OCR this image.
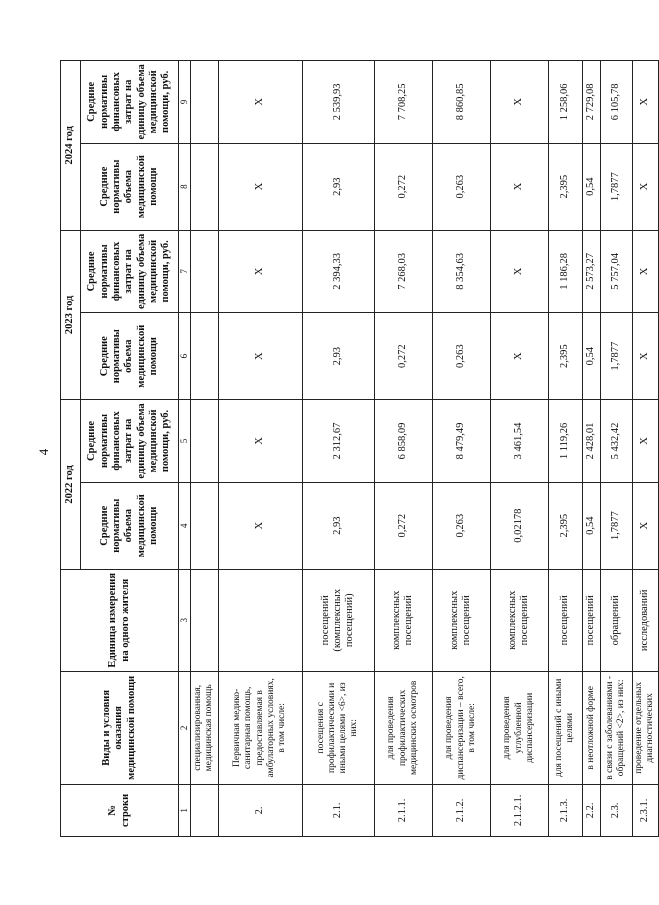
4
№ строки	Виды и условия оказания медицинской помощи	Единица измерения на одного жителя	2022 год		2023 год		2024 год	
			Средние нормативы объема медицинской помощи	Средние нормативы финансовых затрат на единицу объема медицинской помощи, руб.	Средние нормативы объема медицинской помощи	Средние нормативы финансовых затрат на единицу объема медицинской помощи, руб.	Средние нормативы объема медицинской помощи	Средние нормативы финансовых затрат на единицу объема медицинской помощи, руб.
1	2	3	4	5	6	7	8	9
	специализированная, медицинская помощь							
2.	Первичная медико-санитарная помощь, предоставляемая в амбулаторных условиях, в том числе:		X	X	X	X	X	X
2.1.	посещения с профилактическими и иными целями <6>, из них:	посещений (комплексных посещений)	2,93	2 312,67	2,93	2 394,33	2,93	2 539,93
2.1.1.	для проведения профилактических медицинских осмотров	комплексных посещений	0,272	6 858,09	0,272	7 268,03	0,272	7 708,25
2.1.2.	для проведения диспансеризации – всего, в том числе:	комплексных посещений	0,263	8 479,49	0,263	8 354,63	0,263	8 860,85
2.1.2.1.	для проведения углубленной диспансеризации	комплексных посещений	0,02178	3 461,54	X	X	X	X
2.1.3.	для посещений с иными целями	посещений	2,395	1 119,26	2,395	1 186,28	2,395	1 258,06
2.2.	в неотложной форме	посещений	0,54	2 428,01	0,54	2 573,27	0,54	2 729,08
2.3.	в связи с заболеваниями - обращений <2>, из них:	обращений	1,7877	5 432,42	1,7877	5 757,04	1,7877	6 105,78
2.3.1.	проведение отдельных диагностических	исследований	X	X	X	X	X	X
